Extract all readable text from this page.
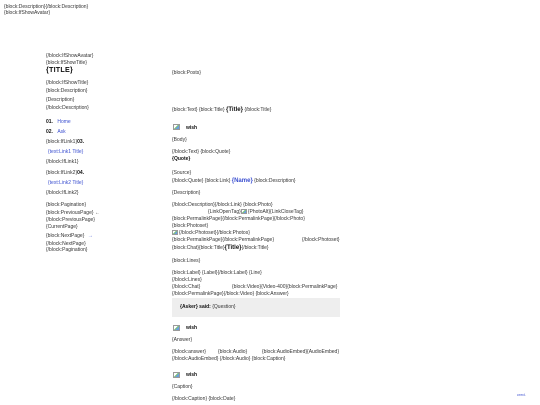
{block:Description}{/block:Description}
{block:IfShowAvatar}
{/block:IfShowAvatar}
{block:IfShowTitle}
{TITLE}
{/block:IfShowTitle}
{block:Description}
{Description}
{/block:Description}
01. Home
02. Ask
{block:IfLink1}03.
{text:Link1 Title}
{/block:IfLink1}
{block:IfLink2}04.
{text:Link2 Title}
{/block:IfLink2}
{block:Pagination}
{block:PreviousPage} ←
{/block:PreviousPage}
{CurrentPage}
{block:NextPage} →
{/block:NextPage}
{/block:Pagination}
{block:Posts}
{block:Text} {block:Title} {Title} {/block:Title}
wish
{Body}
{/block:Text} {block:Quote}
{Quote}
{Source}
{/block:Quote} {block:Link} {Name} {block:Description}
{Description}
{/block:Description}{/block:Link} {block:Photo}
{LinkOpenTag} {PhotoAlt}{LinkCloseTag}
{block:PermalinkPage}{/block:PermalinkPage}{/block:Photo}
{block:Photoset}
{/block:Photoset}{/block:Photos}
{block:PermalinkPage}{/block:PermalinkPage}	{/block:Photoset}
{block:Chat}{block:Title}{Title}{/block:Title}
{block:Lines}
{block:Label} {Label}{/block:Label} {Line}
{/block:Lines}
{/block:Chat}	{block:Video}{Video-400}{block:PermalinkPage}
{/block:PermalinkPage}{/block:Video} {block:Answer}
{Asker} said: {Question}
wish
{Answer}
{/block:answer} {block:Audio}	{block:AudioEmbed}{AudioEmbed}
{/block:AudioEmbed} {/block:Audio} {block:Caption}
wish
{Caption}
{/block:Caption} {block:Date}
cred.
